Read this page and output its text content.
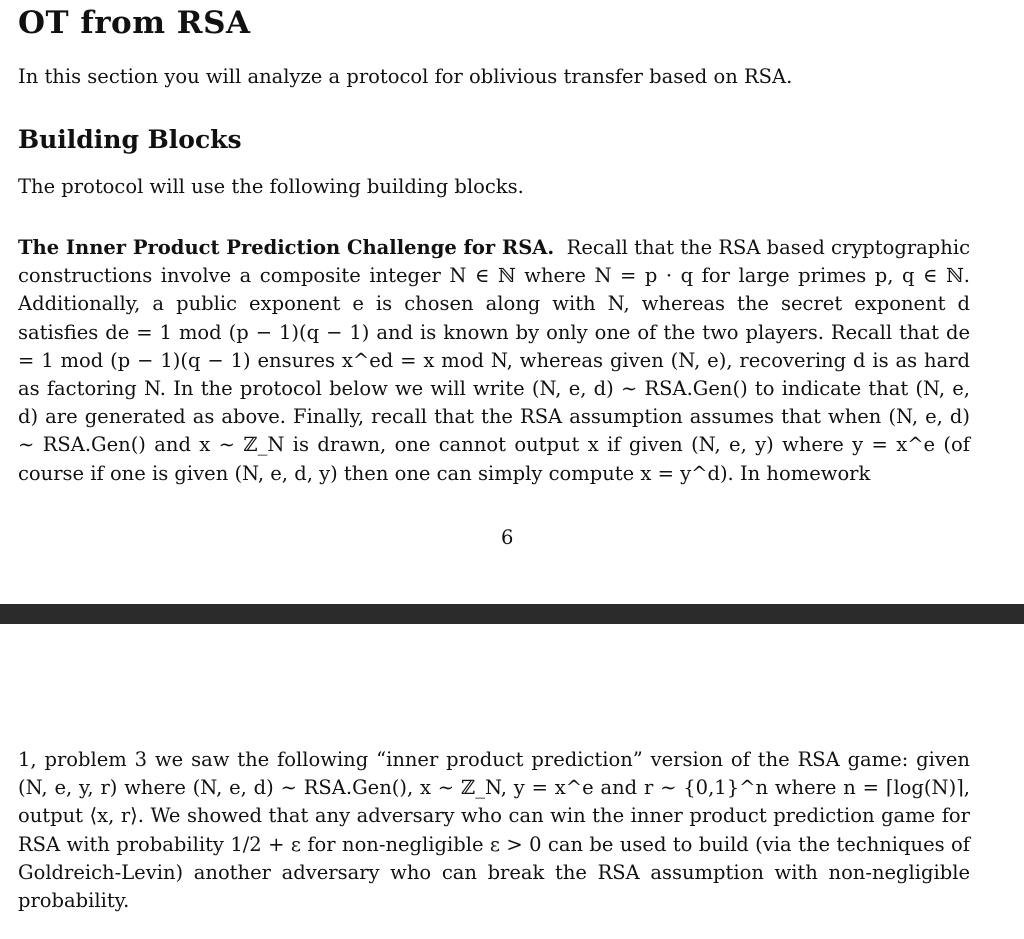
OT from RSA
In this section you will analyze a protocol for oblivious transfer based on RSA.
Building Blocks
The protocol will use the following building blocks.
The Inner Product Prediction Challenge for RSA. Recall that the RSA based cryptographic constructions involve a composite integer N ∈ ℕ where N = p · q for large primes p, q ∈ ℕ. Additionally, a public exponent e is chosen along with N, whereas the secret exponent d satisfies de = 1 mod (p − 1)(q − 1) and is known by only one of the two players. Recall that de = 1 mod (p − 1)(q − 1) ensures x^ed = x mod N, whereas given (N, e), recovering d is as hard as factoring N. In the protocol below we will write (N, e, d) ∼ RSA.Gen() to indicate that (N, e, d) are generated as above. Finally, recall that the RSA assumption assumes that when (N, e, d) ∼ RSA.Gen() and x ∼ ℤ_N is drawn, one cannot output x if given (N, e, y) where y = x^e (of course if one is given (N, e, d, y) then one can simply compute x = y^d). In homework
6
1, problem 3 we saw the following “inner product prediction” version of the RSA game: given (N, e, y, r) where (N, e, d) ∼ RSA.Gen(), x ∼ ℤ_N, y = x^e and r ∼ {0,1}^n where n = ⌈log(N)⌉, output ⟨x, r⟩. We showed that any adversary who can win the inner product prediction game for RSA with probability 1/2 + ε for non-negligible ε > 0 can be used to build (via the techniques of Goldreich-Levin) another adversary who can break the RSA assumption with non-negligible probability.
